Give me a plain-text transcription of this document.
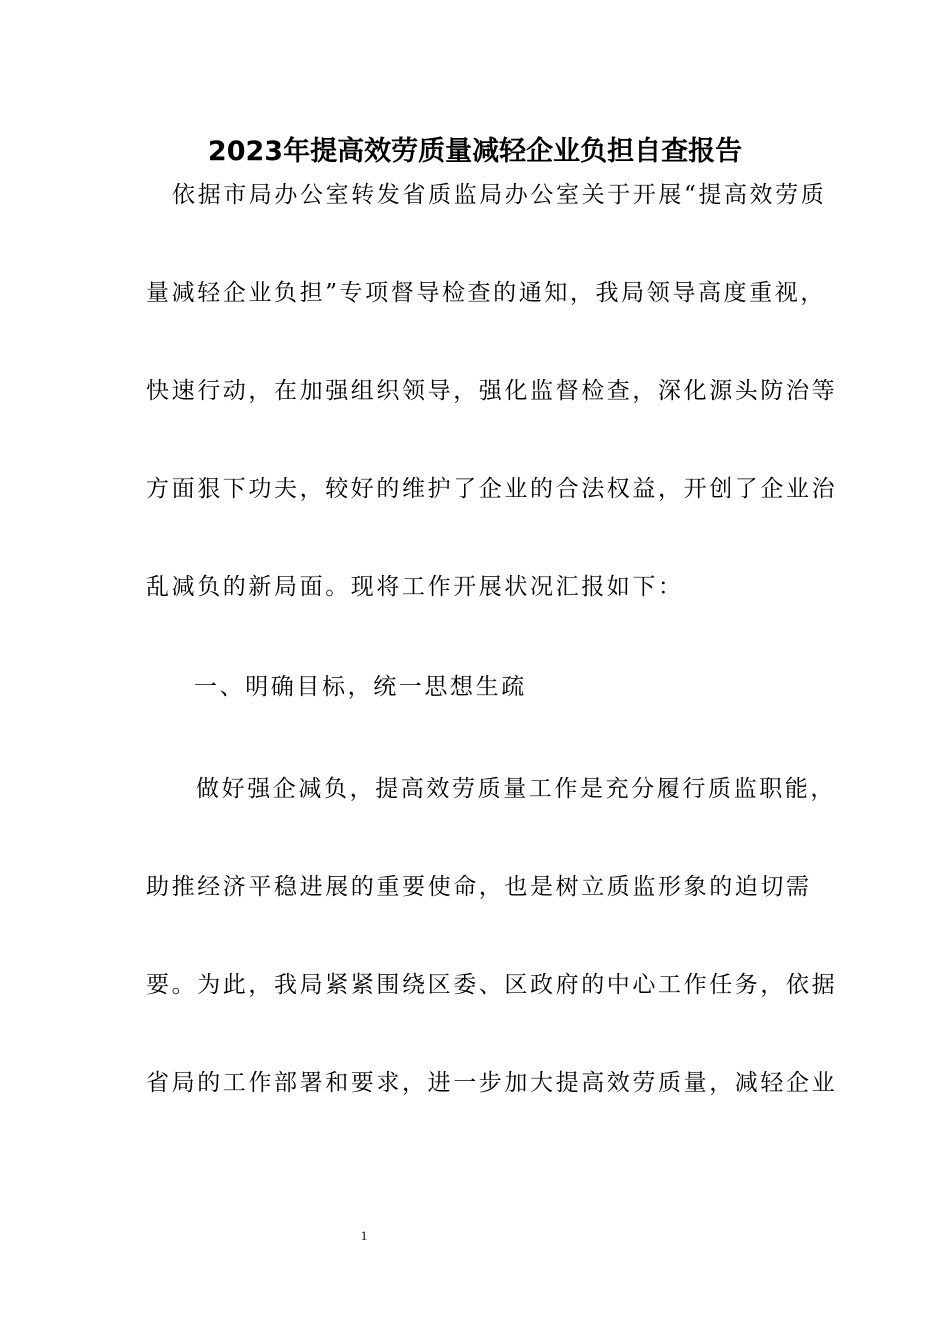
2023年提高效劳质量减轻企业负担自查报告
依据市局办公室转发省质监局办公室关于开展“提高效劳质
量减轻企业负担”专项督导检查的通知，我局领导高度重视，
快速行动，在加强组织领导，强化监督检查，深化源头防治等
方面狠下功夫，较好的维护了企业的合法权益，开创了企业治
乱减负的新局面。现将工作开展状况汇报如下：
一、明确目标，统一思想生疏
做好强企减负，提高效劳质量工作是充分履行质监职能，
助推经济平稳进展的重要使命，也是树立质监形象的迫切需
要。为此，我局紧紧围绕区委、区政府的中心工作任务，依据
省局的工作部署和要求，进一步加大提高效劳质量，减轻企业
1
